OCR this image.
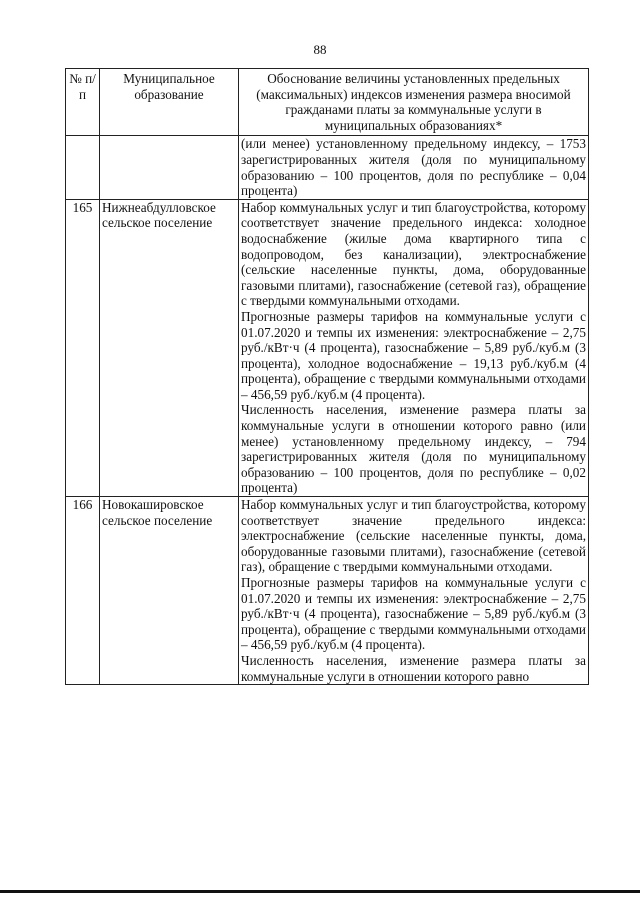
88
№ п/п	Муниципальное образование	Обоснование величины установленных предельных (максимальных) индексов изменения размера вносимой гражданами платы за коммунальные услуги в муниципальных образованиях*

		(или менее) установленному предельному индексу, – 1753 зарегистрированных жителя (доля по муниципальному образованию – 100 процентов, доля по республике – 0,04 процента)

165	Нижнеабдулловское сельское поселение	Набор коммунальных услуг и тип благоустройства, которому соответствует значение предельного индекса: холодное водоснабжение (жилые дома квартирного типа с водопроводом, без канализации), электроснабжение (сельские населенные пункты, дома, оборудованные газовыми плитами), газоснабжение (сетевой газ), обращение с твердыми коммунальными отходами.

Прогнозные размеры тарифов на коммунальные услуги с 01.07.2020 и темпы их изменения: электроснабжение – 2,75 руб./кВт·ч (4 процента), газоснабжение – 5,89 руб./куб.м (3 процента), холодное водоснабжение – 19,13 руб./куб.м (4 процента), обращение с твердыми коммунальными отходами – 456,59 руб./куб.м (4 процента).

Численность населения, изменение размера платы за коммунальные услуги в отношении которого равно (или менее) установленному предельному индексу, – 794 зарегистрированных жителя (доля по муниципальному образованию – 100 процентов, доля по республике – 0,02 процента)

166	Новокашировское сельское поселение	Набор коммунальных услуг и тип благоустройства, которому соответствует значение предельного индекса: электроснабжение (сельские населенные пункты, дома, оборудованные газовыми плитами), газоснабжение (сетевой газ), обращение с твердыми коммунальными отходами.

Прогнозные размеры тарифов на коммунальные услуги с 01.07.2020 и темпы их изменения: электроснабжение – 2,75 руб./кВт·ч (4 процента), газоснабжение – 5,89 руб./куб.м (3 процента), обращение с твердыми коммунальными отходами – 456,59 руб./куб.м (4 процента).

Численность населения, изменение размера платы за коммунальные услуги в отношении которого равно
